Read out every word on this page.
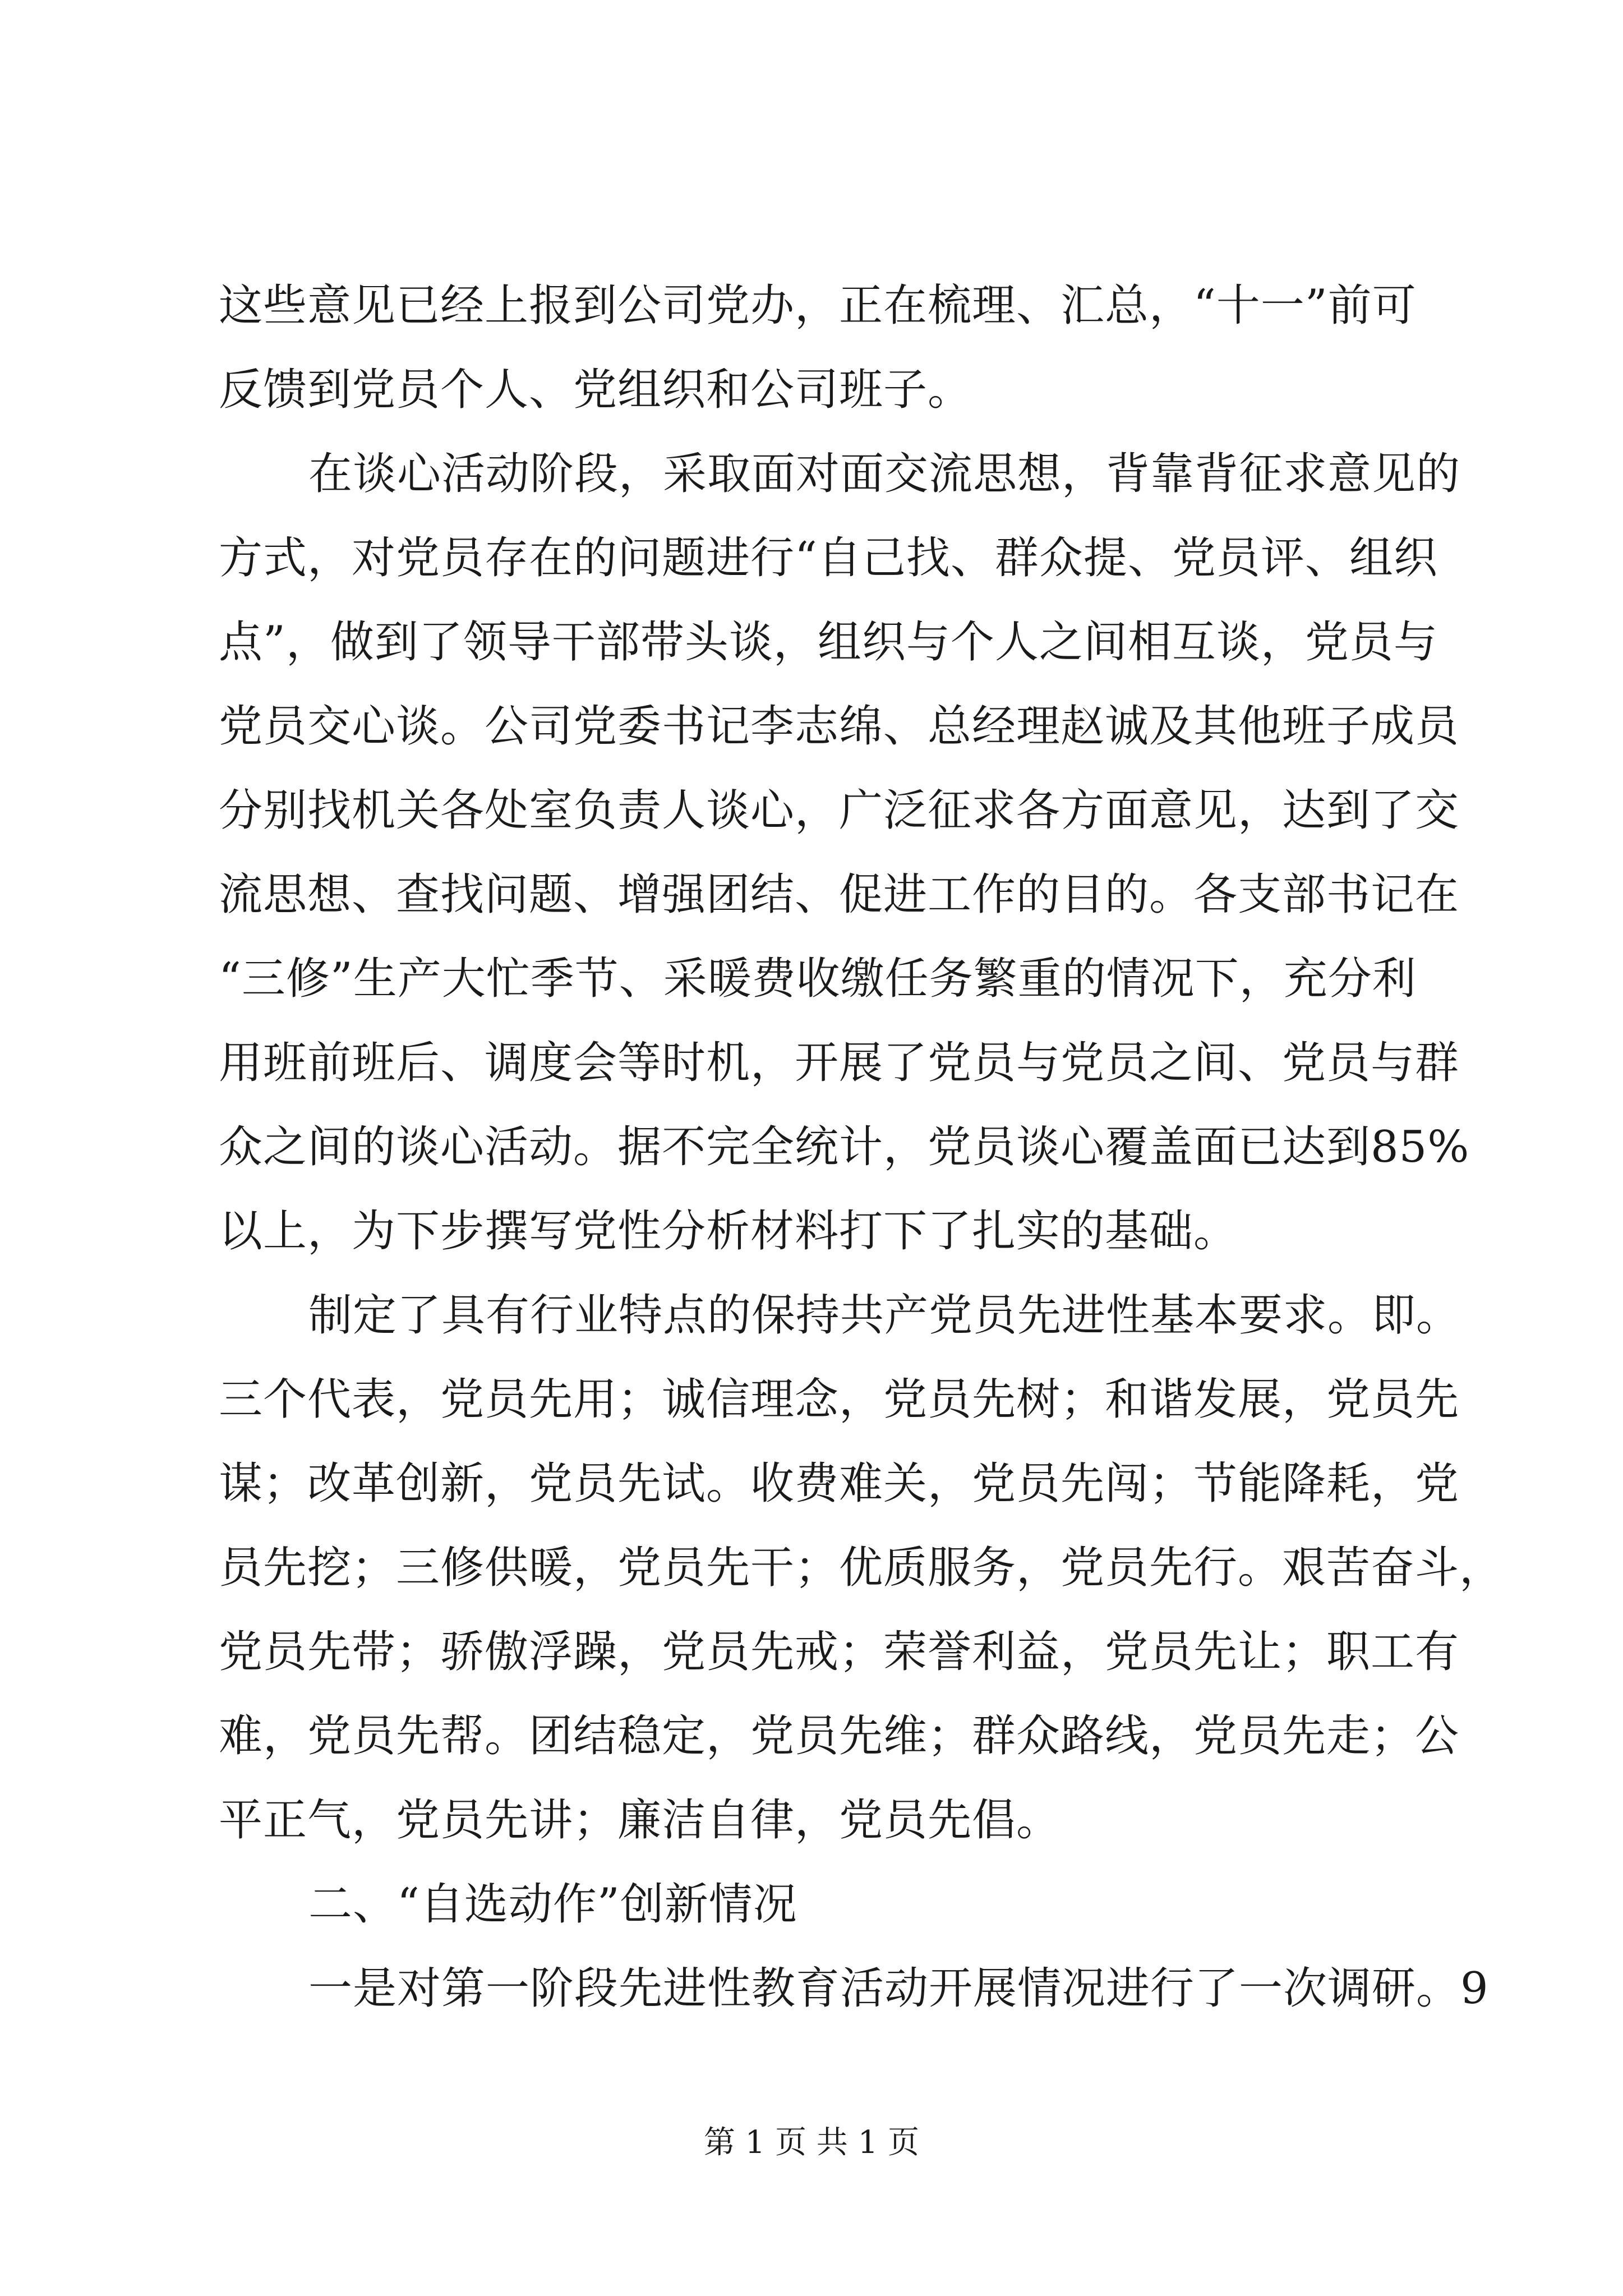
这些意见已经上报到公司党办，正在梳理、汇总，“十一”前可
反馈到党员个人、党组织和公司班子。
在谈心活动阶段，采取面对面交流思想，背靠背征求意见的
方式，对党员存在的问题进行“自己找、群众提、党员评、组织
点”，做到了领导干部带头谈，组织与个人之间相互谈，党员与
党员交心谈。公司党委书记李志绵、总经理赵诚及其他班子成员
分别找机关各处室负责人谈心，广泛征求各方面意见，达到了交
流思想、查找问题、增强团结、促进工作的目的。各支部书记在
“三修”生产大忙季节、采暖费收缴任务繁重的情况下，充分利
用班前班后、调度会等时机，开展了党员与党员之间、党员与群
众之间的谈心活动。据不完全统计，党员谈心覆盖面已达到85%
以上，为下步撰写党性分析材料打下了扎实的基础。
制定了具有行业特点的保持共产党员先进性基本要求。即。
三个代表，党员先用；诚信理念，党员先树；和谐发展，党员先
谋；改革创新，党员先试。收费难关，党员先闯；节能降耗，党
员先挖；三修供暖，党员先干；优质服务，党员先行。艰苦奋斗，
党员先带；骄傲浮躁，党员先戒；荣誉利益，党员先让；职工有
难，党员先帮。团结稳定，党员先维；群众路线，党员先走；公
平正气，党员先讲；廉洁自律，党员先倡。
二、“自选动作”创新情况
一是对第一阶段先进性教育活动开展情况进行了一次调研。9
第 1 页 共 1 页
